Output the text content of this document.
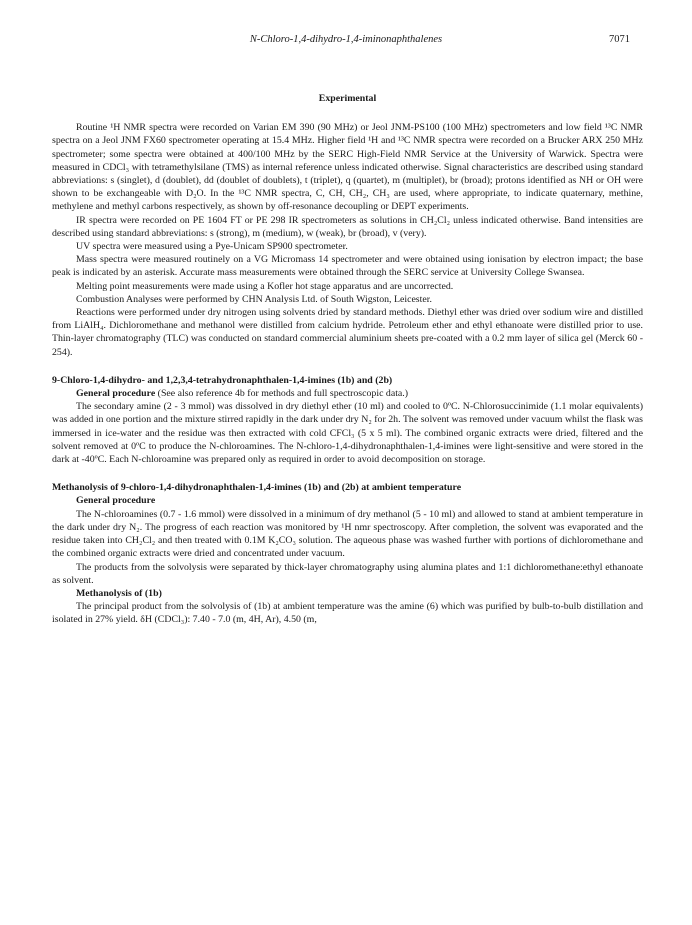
N-Chloro-1,4-dihydro-1,4-iminonaphthalenes	7071

Experimental

Routine ¹H NMR spectra were recorded on Varian EM 390 (90 MHz) or Jeol JNM-PS100 (100 MHz) spectrometers and low field ¹³C NMR spectra on a Jeol JNM FX60 spectrometer operating at 15.4 MHz. Higher field ¹H and ¹³C NMR spectra were recorded on a Brucker ARX 250 MHz spectrometer; some spectra were obtained at 400/100 MHz by the SERC High-Field NMR Service at the University of Warwick. Spectra were measured in CDCl₃ with tetramethylsilane (TMS) as internal reference unless indicated otherwise. Signal characteristics are described using standard abbreviations: s (singlet), d (doublet), dd (doublet of doublets), t (triplet), q (quartet), m (multiplet), br (broad); protons identified as NH or OH were shown to be exchangeable with D₂O. In the ¹³C NMR spectra, C, CH, CH₂, CH₃ are used, where appropriate, to indicate quaternary, methine, methylene and methyl carbons respectively, as shown by off-resonance decoupling or DEPT experiments.

IR spectra were recorded on PE 1604 FT or PE 298 IR spectrometers as solutions in CH₂Cl₂ unless indicated otherwise. Band intensities are described using standard abbreviations: s (strong), m (medium), w (weak), br (broad), v (very).

UV spectra were measured using a Pye-Unicam SP900 spectrometer.

Mass spectra were measured routinely on a VG Micromass 14 spectrometer and were obtained using ionisation by electron impact; the base peak is indicated by an asterisk. Accurate mass measurements were obtained through the SERC service at University College Swansea.

Melting point measurements were made using a Kofler hot stage apparatus and are uncorrected.

Combustion Analyses were performed by CHN Analysis Ltd. of South Wigston, Leicester.

Reactions were performed under dry nitrogen using solvents dried by standard methods. Diethyl ether was dried over sodium wire and distilled from LiAlH₄. Dichloromethane and methanol were distilled from calcium hydride. Petroleum ether and ethyl ethanoate were distilled prior to use. Thin-layer chromatography (TLC) was conducted on standard commercial aluminium sheets pre-coated with a 0.2 mm layer of silica gel (Merck 60 - 254).

9-Chloro-1,4-dihydro- and 1,2,3,4-tetrahydronaphthalen-1,4-imines (1b) and (2b)

General procedure (See also reference 4b for methods and full spectroscopic data.)

The secondary amine (2 - 3 mmol) was dissolved in dry diethyl ether (10 ml) and cooled to 0ºC. N-Chlorosuccinimide (1.1 molar equivalents) was added in one portion and the mixture stirred rapidly in the dark under dry N₂ for 2h. The solvent was removed under vacuum whilst the flask was immersed in ice-water and the residue was then extracted with cold CFCl₃ (5 x 5 ml). The combined organic extracts were dried, filtered and the solvent removed at 0ºC to produce the N-chloroamines. The N-chloro-1,4-dihydronaphthalen-1,4-imines were light-sensitive and were stored in the dark at -40ºC. Each N-chloroamine was prepared only as required in order to avoid decomposition on storage.

Methanolysis of 9-chloro-1,4-dihydronaphthalen-1,4-imines (1b) and (2b) at ambient temperature

General procedure

The N-chloroamines (0.7 - 1.6 mmol) were dissolved in a minimum of dry methanol (5 - 10 ml) and allowed to stand at ambient temperature in the dark under dry N₂. The progress of each reaction was monitored by ¹H nmr spectroscopy. After completion, the solvent was evaporated and the residue taken into CH₂Cl₂ and then treated with 0.1M K₂CO₃ solution. The aqueous phase was washed further with portions of dichloromethane and the combined organic extracts were dried and concentrated under vacuum.

The products from the solvolysis were separated by thick-layer chromatography using alumina plates and 1:1 dichloromethane:ethyl ethanoate as solvent.

Methanolysis of (1b)

The principal product from the solvolysis of (1b) at ambient temperature was the amine (6) which was purified by bulb-to-bulb distillation and isolated in 27% yield. δH (CDCl₃): 7.40 - 7.0 (m, 4H, Ar), 4.50 (m,
